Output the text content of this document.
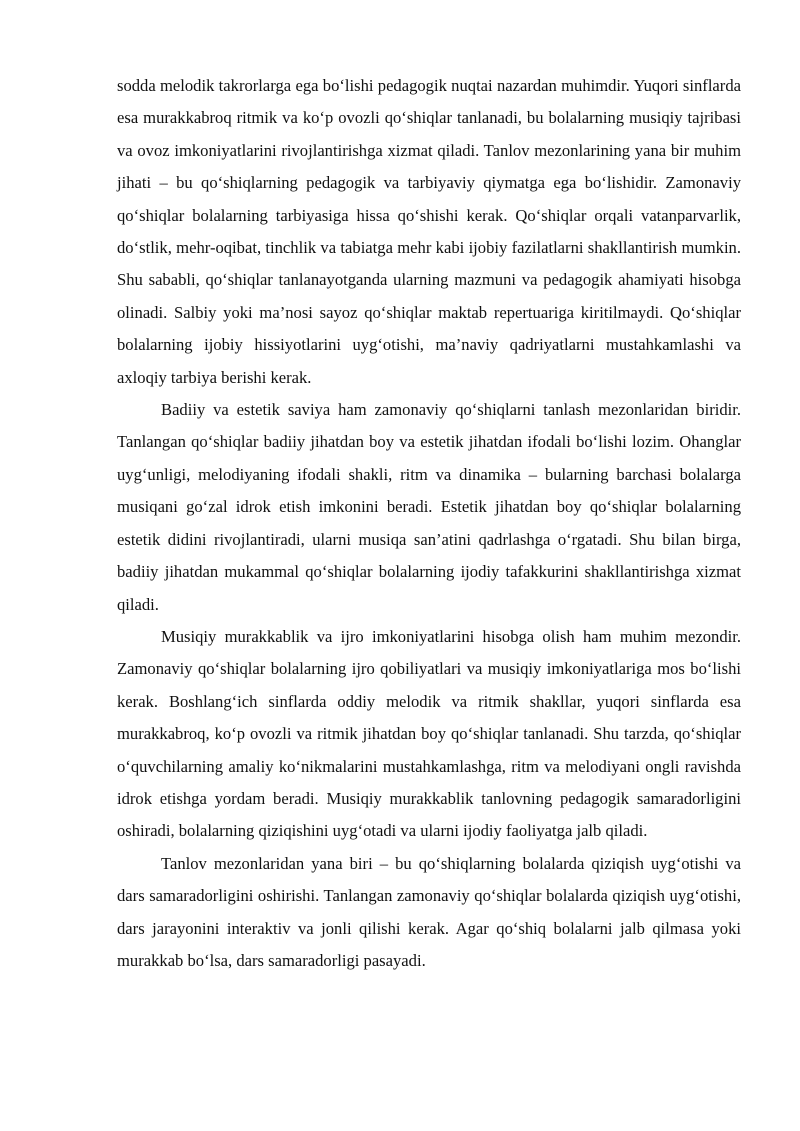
sodda melodik takrorlarga ega bo‘lishi pedagogik nuqtai nazardan muhimdir. Yuqori sinflarda esa murakkabroq ritmik va ko‘p ovozli qo‘shiqlar tanlanadi, bu bolalarning musiqiy tajribasi va ovoz imkoniyatlarini rivojlantirishga xizmat qiladi. Tanlov mezonlarining yana bir muhim jihati – bu qo‘shiqlarning pedagogik va tarbiyaviy qiymatga ega bo‘lishidir. Zamonaviy qo‘shiqlar bolalarning tarbiyasiga hissa qo‘shishi kerak. Qo‘shiqlar orqali vatanparvarlik, do‘stlik, mehr-oqibat, tinchlik va tabiatga mehr kabi ijobiy fazilatlarni shakllantirish mumkin. Shu sababli, qo‘shiqlar tanlanayotganda ularning mazmuni va pedagogik ahamiyati hisobga olinadi. Salbiy yoki ma’nosi sayoz qo‘shiqlar maktab repertuariga kiritilmaydi. Qo‘shiqlar bolalarning ijobiy hissiyotlarini uyg‘otishi, ma’naviy qadriyatlarni mustahkamlashi va axloqiy tarbiya berishi kerak.

Badiiy va estetik saviya ham zamonaviy qo‘shiqlarni tanlash mezonlaridan biridir. Tanlangan qo‘shiqlar badiiy jihatdan boy va estetik jihatdan ifodali bo‘lishi lozim. Ohanglar uyg‘unligi, melodiyaning ifodali shakli, ritm va dinamika – bularning barchasi bolalarga musiqani go‘zal idrok etish imkonini beradi. Estetik jihatdan boy qo‘shiqlar bolalarning estetik didini rivojlantiradi, ularni musiqa san’atini qadrlashga o‘rgatadi. Shu bilan birga, badiiy jihatdan mukammal qo‘shiqlar bolalarning ijodiy tafakkurini shakllantirishga xizmat qiladi.

Musiqiy murakkablik va ijro imkoniyatlarini hisobga olish ham muhim mezondir. Zamonaviy qo‘shiqlar bolalarning ijro qobiliyatlari va musiqiy imkoniyatlariga mos bo‘lishi kerak. Boshlang‘ich sinflarda oddiy melodik va ritmik shakllar, yuqori sinflarda esa murakkabroq, ko‘p ovozli va ritmik jihatdan boy qo‘shiqlar tanlanadi. Shu tarzda, qo‘shiqlar o‘quvchilarning amaliy ko‘nikmalarini mustahkamlashga, ritm va melodiyani ongli ravishda idrok etishga yordam beradi. Musiqiy murakkablik tanlovning pedagogik samaradorligini oshiradi, bolalarning qiziqishini uyg‘otadi va ularni ijodiy faoliyatga jalb qiladi.

Tanlov mezonlaridan yana biri – bu qo‘shiqlarning bolalarda qiziqish uyg‘otishi va dars samaradorligini oshirishi. Tanlangan zamonaviy qo‘shiqlar bolalarda qiziqish uyg‘otishi, dars jarayonini interaktiv va jonli qilishi kerak. Agar qo‘shiq bolalarni jalb qilmasa yoki murakkab bo‘lsa, dars samaradorligi pasayadi.
